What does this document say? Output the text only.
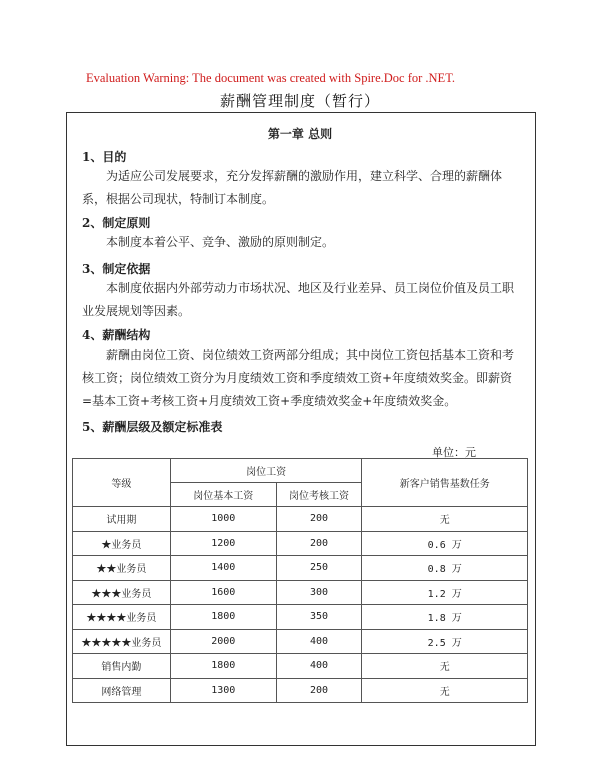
Evaluation Warning: The document was created with Spire.Doc for .NET.
薪酬管理制度（暂行）
第一章 总则
1、目的

为适应公司发展要求，充分发挥薪酬的激励作用，建立科学、合理的薪酬体系，根据公司现状，特制订本制度。

2、制定原则

本制度本着公平、竞争、激励的原则制定。

3、制定依据

本制度依据内外部劳动力市场状况、地区及行业差异、员工岗位价值及员工职业发展规划等因素。

4、薪酬结构

薪酬由岗位工资、岗位绩效工资两部分组成；其中岗位工资包括基本工资和考核工资；岗位绩效工资分为月度绩效工资和季度绩效工资+年度绩效奖金。即薪资=基本工资+考核工资+月度绩效工资+季度绩效奖金+年度绩效奖金。

5、薪酬层级及额定标准表
单位：元
等级	岗位工资		新客户销售基数任务
	岗位基本工资	岗位考核工资	
试用期	1000	200	无
★业务员	1200	200	0.6 万
★★业务员	1400	250	0.8 万
★★★业务员	1600	300	1.2 万
★★★★业务员	1800	350	1.8 万
★★★★★业务员	2000	400	2.5 万
销售内勤	1800	400	无
网络管理	1300	200	无
